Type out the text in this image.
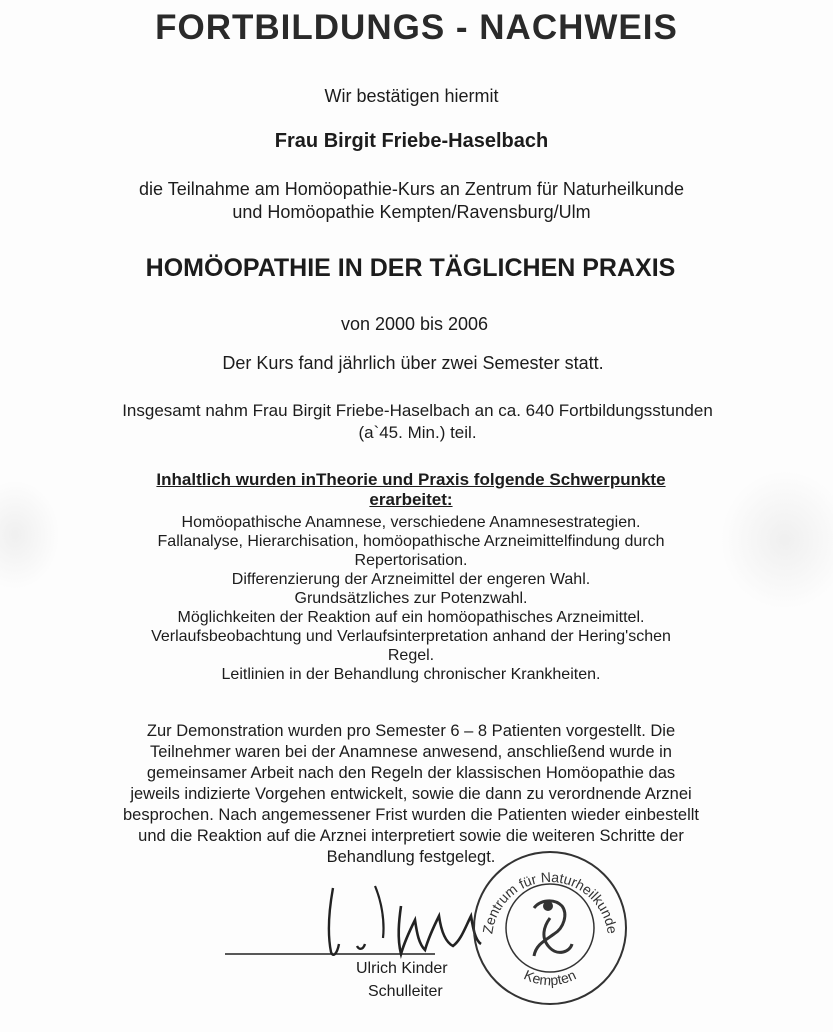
FORTBILDUNGS - NACHWEIS
Wir bestätigen hiermit
Frau Birgit Friebe-Haselbach
die Teilnahme am Homöopathie-Kurs an Zentrum für Naturheilkunde
und Homöopathie Kempten/Ravensburg/Ulm
HOMÖOPATHIE IN DER TÄGLICHEN PRAXIS
von 2000 bis 2006
Der Kurs fand jährlich über zwei Semester statt.
Insgesamt nahm Frau Birgit Friebe-Haselbach an ca. 640 Fortbildungsstunden
(a`45. Min.) teil.
Inhaltlich wurden inTheorie und Praxis folgende Schwerpunkte
erarbeitet:
Homöopathische Anamnese, verschiedene Anamnesestrategien.
Fallanalyse, Hierarchisation, homöopathische Arzneimittelfindung durch
Repertorisation.
Differenzierung der Arzneimittel der engeren Wahl.
Grundsätzliches zur Potenzwahl.
Möglichkeiten der Reaktion auf ein homöopathisches Arzneimittel.
Verlaufsbeobachtung und Verlaufsinterpretation anhand der Hering'schen
Regel.
Leitlinien in der Behandlung chronischer Krankheiten.
Zur Demonstration wurden pro Semester 6 – 8 Patienten vorgestellt. Die
Teilnehmer waren bei der Anamnese anwesend, anschließend wurde in
gemeinsamer Arbeit nach den Regeln der klassischen Homöopathie das
jeweils indizierte Vorgehen entwickelt, sowie die dann zu verordnende Arznei
besprochen. Nach angemessener Frist wurden die Patienten wieder einbestellt
und die Reaktion auf die Arznei interpretiert sowie die weiteren Schritte der
Behandlung festgelegt.
Zentrum für Naturheilkunde
Kempten
Ulrich Kinder
Schulleiter
